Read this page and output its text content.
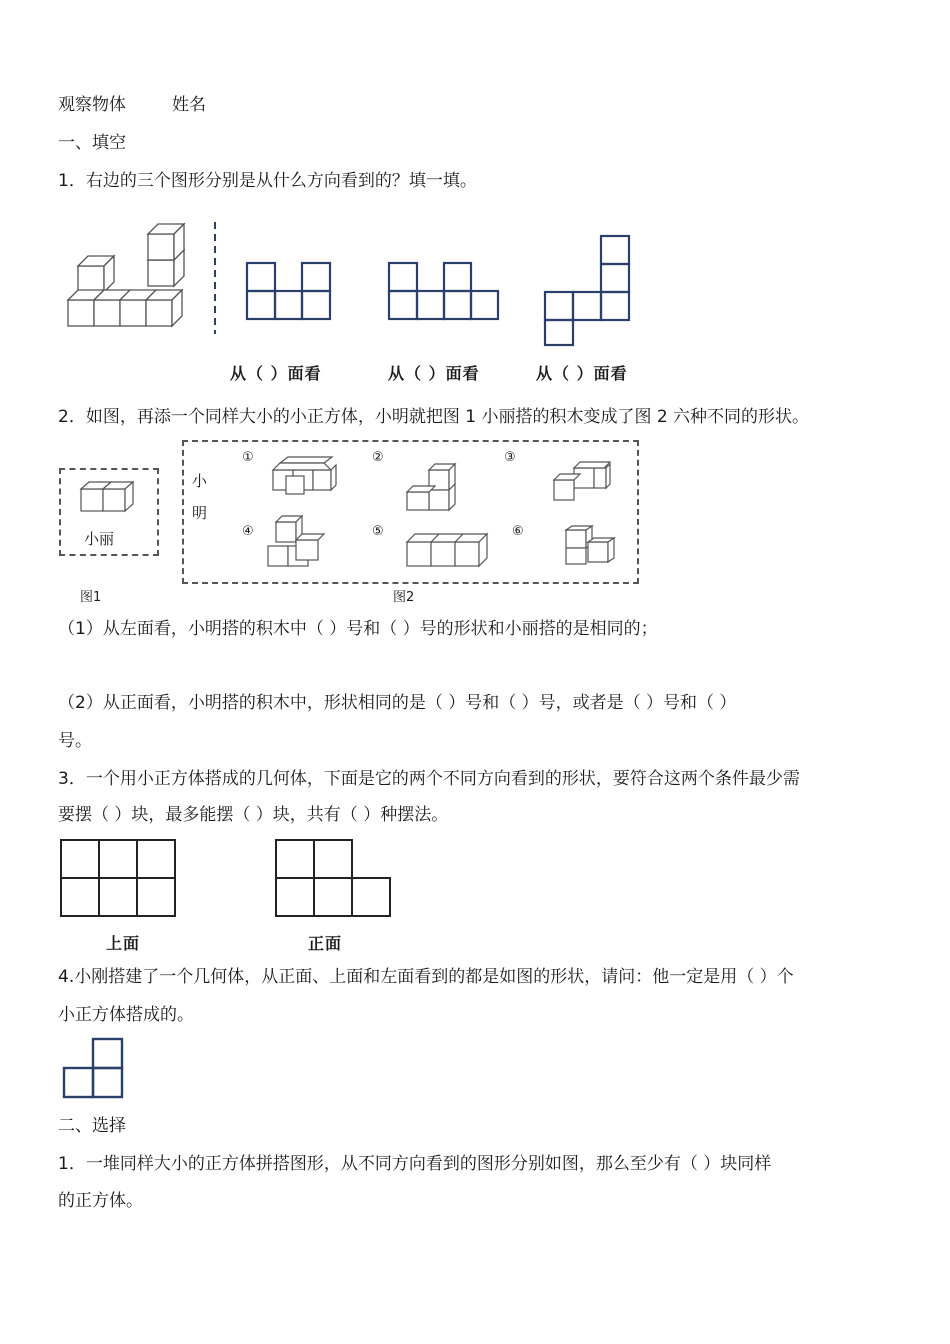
观察物体	姓名
一、填空
1．右边的三个图形分别是从什么方向看到的？填一填。
从（ ）面看	从（ ）面看	从（ ）面看
2．如图，再添一个同样大小的小正方体，小明就把图 1 小丽搭的积木变成了图 2 六种不同的形状。
小丽
图1
小
明
图2
①	②	③
④	⑤	⑥
（1）从左面看，小明搭的积木中（ ）号和（ ）号的形状和小丽搭的是相同的；
（2）从正面看，小明搭的积木中，形状相同的是（ ）号和（ ）号，或者是（ ）号和（ ）
号。
3．一个用小正方体搭成的几何体，下面是它的两个不同方向看到的形状，要符合这两个条件最少需
要摆（ ）块，最多能摆（ ）块，共有（ ）种摆法。
上面	正面
4.小刚搭建了一个几何体，从正面、上面和左面看到的都是如图的形状，请问：他一定是用（ ）个
小正方体搭成的。
二、选择
1．一堆同样大小的正方体拼搭图形，从不同方向看到的图形分别如图，那么至少有（ ）块同样
的正方体。
